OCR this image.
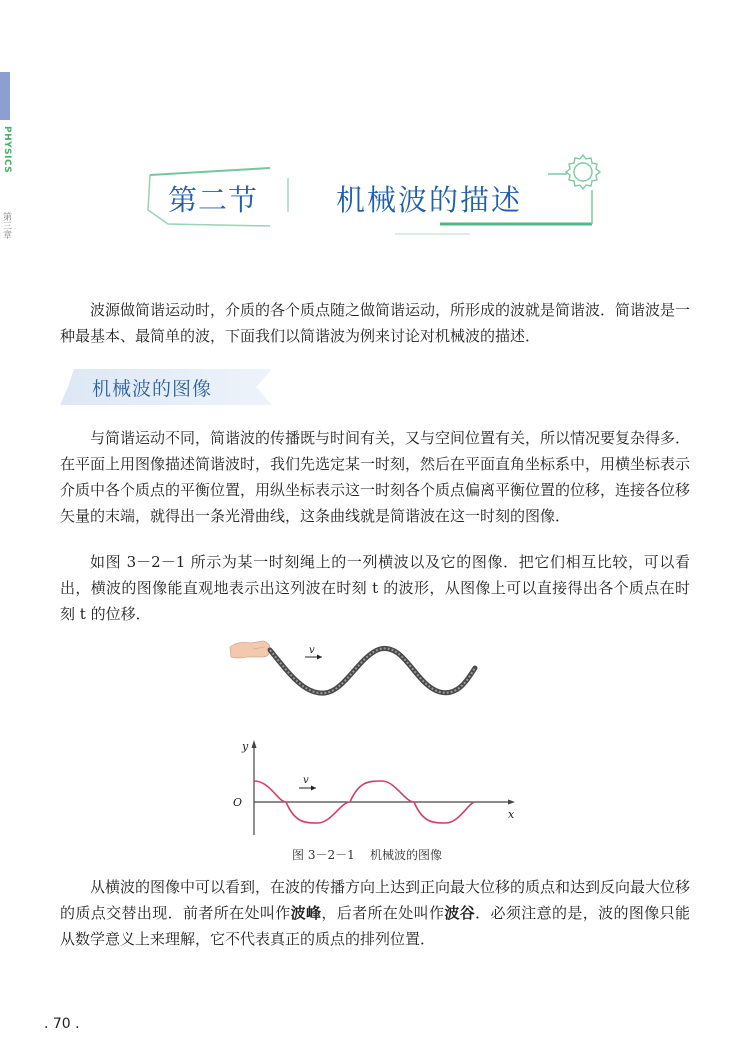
PHYSICS
第三章
第二节	机械波的描述

波源做简谐运动时，介质的各个质点随之做简谐运动，所形成的波就是简谐波．简谐波是一种最基本、最简单的波，下面我们以简谐波为例来讨论对机械波的描述．

机械波的图像

与简谐运动不同，简谐波的传播既与时间有关，又与空间位置有关，所以情况要复杂得多．在平面上用图像描述简谐波时，我们先选定某一时刻，然后在平面直角坐标系中，用横坐标表示介质中各个质点的平衡位置，用纵坐标表示这一时刻各个质点偏离平衡位置的位移，连接各位移矢量的末端，就得出一条光滑曲线，这条曲线就是简谐波在这一时刻的图像．

如图 3－2－1 所示为某一时刻绳上的一列横波以及它的图像．把它们相互比较，可以看出，横波的图像能直观地表示出这列波在时刻 t 的波形，从图像上可以直接得出各个质点在时刻 t 的位移．

v
y
x
O
v
图 3－2－1    机械波的图像

从横波的图像中可以看到，在波的传播方向上达到正向最大位移的质点和达到反向最大位移的质点交替出现．前者所在处叫作波峰，后者所在处叫作波谷．必须注意的是，波的图像只能从数学意义上来理解，它不代表真正的质点的排列位置．

. 70 .
